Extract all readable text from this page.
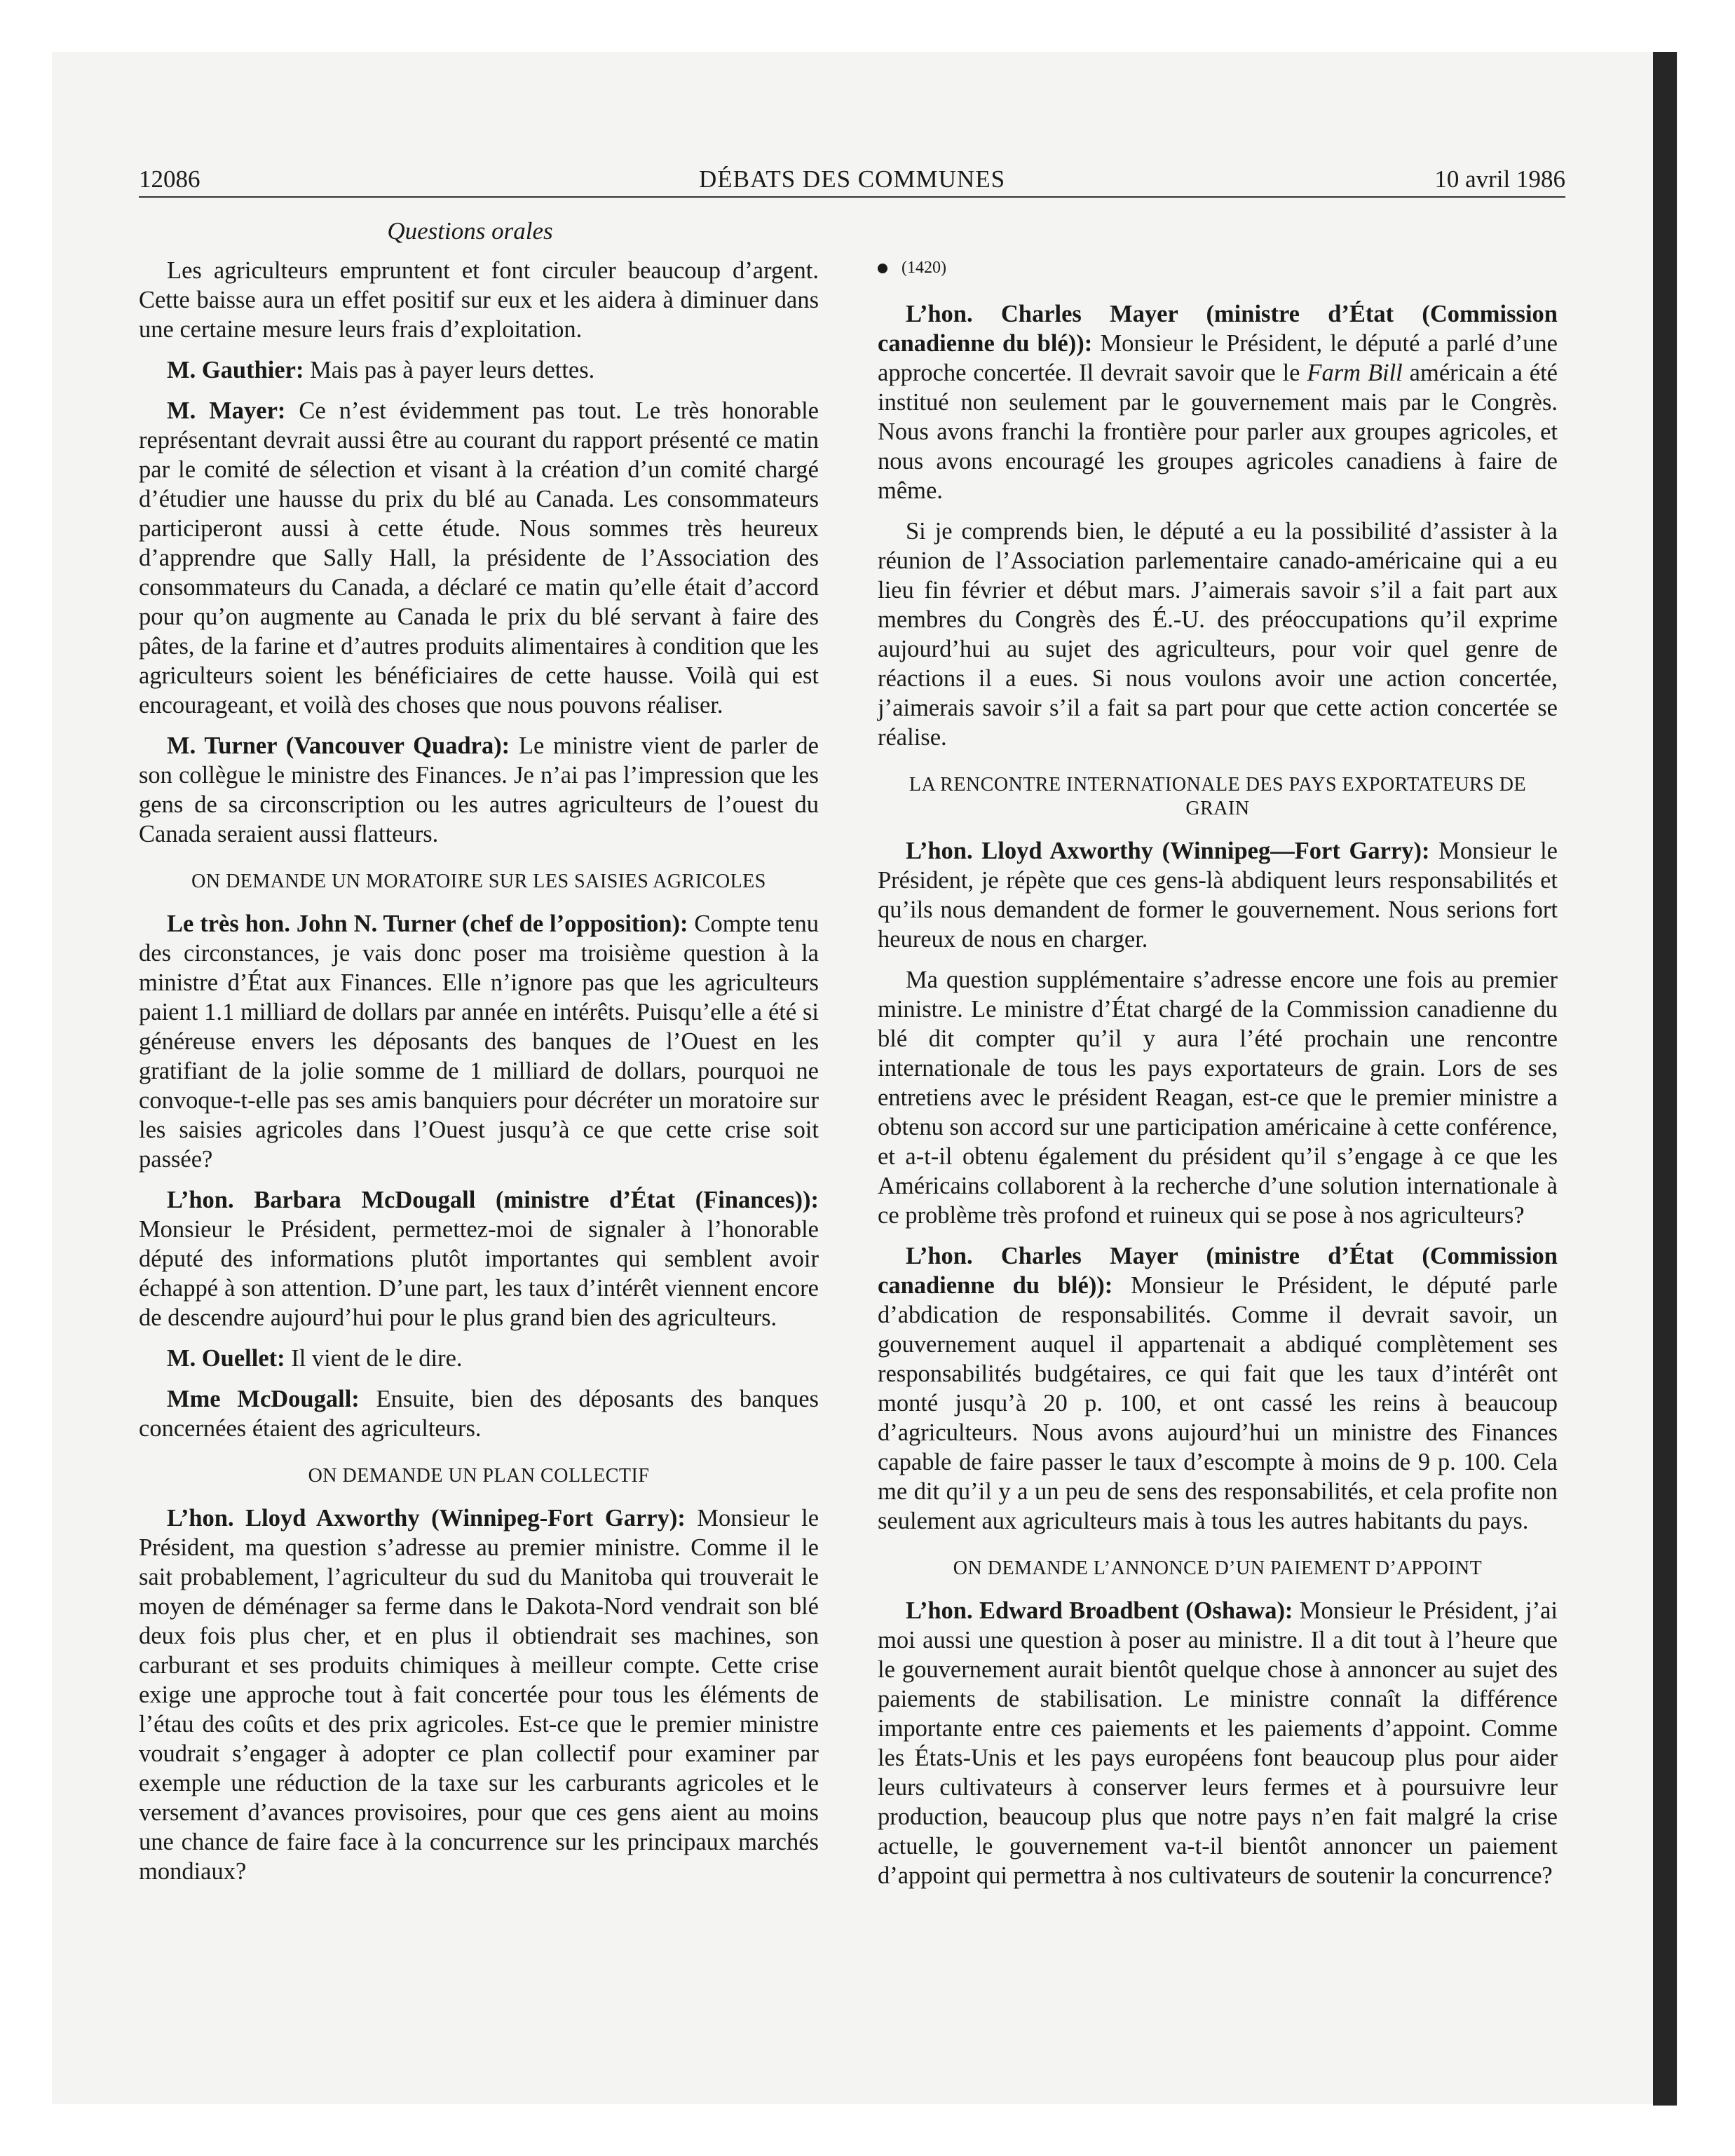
12086	DÉBATS DES COMMUNES	10 avril 1986
Questions orales

Les agriculteurs empruntent et font circuler beaucoup d’argent. Cette baisse aura un effet positif sur eux et les aidera à diminuer dans une certaine mesure leurs frais d’exploitation.

M. Gauthier: Mais pas à payer leurs dettes.

M. Mayer: Ce n’est évidemment pas tout. Le très honorable représentant devrait aussi être au courant du rapport présenté ce matin par le comité de sélection et visant à la création d’un comité chargé d’étudier une hausse du prix du blé au Canada. Les consommateurs participeront aussi à cette étude. Nous sommes très heureux d’apprendre que Sally Hall, la présidente de l’Association des consommateurs du Canada, a déclaré ce matin qu’elle était d’accord pour qu’on augmente au Canada le prix du blé servant à faire des pâtes, de la farine et d’autres produits alimentaires à condition que les agriculteurs soient les bénéficiaires de cette hausse. Voilà qui est encourageant, et voilà des choses que nous pouvons réaliser.

M. Turner (Vancouver Quadra): Le ministre vient de parler de son collègue le ministre des Finances. Je n’ai pas l’impression que les gens de sa circonscription ou les autres agriculteurs de l’ouest du Canada seraient aussi flatteurs.

ON DEMANDE UN MORATOIRE SUR LES SAISIES AGRICOLES

Le très hon. John N. Turner (chef de l’opposition): Compte tenu des circonstances, je vais donc poser ma troisième question à la ministre d’État aux Finances. Elle n’ignore pas que les agriculteurs paient 1.1 milliard de dollars par année en intérêts. Puisqu’elle a été si généreuse envers les déposants des banques de l’Ouest en les gratifiant de la jolie somme de 1 milliard de dollars, pourquoi ne convoque-t-elle pas ses amis banquiers pour décréter un moratoire sur les saisies agricoles dans l’Ouest jusqu’à ce que cette crise soit passée?

L’hon. Barbara McDougall (ministre d’État (Finances)): Monsieur le Président, permettez-moi de signaler à l’honorable député des informations plutôt importantes qui semblent avoir échappé à son attention. D’une part, les taux d’intérêt viennent encore de descendre aujourd’hui pour le plus grand bien des agriculteurs.

M. Ouellet: Il vient de le dire.

Mme McDougall: Ensuite, bien des déposants des banques concernées étaient des agriculteurs.

ON DEMANDE UN PLAN COLLECTIF

L’hon. Lloyd Axworthy (Winnipeg-Fort Garry): Monsieur le Président, ma question s’adresse au premier ministre. Comme il le sait probablement, l’agriculteur du sud du Manitoba qui trouverait le moyen de déménager sa ferme dans le Dakota-Nord vendrait son blé deux fois plus cher, et en plus il obtiendrait ses machines, son carburant et ses produits chimiques à meilleur compte. Cette crise exige une approche tout à fait concertée pour tous les éléments de l’étau des coûts et des prix agricoles. Est-ce que le premier ministre voudrait s’engager à adopter ce plan collectif pour examiner par exemple une réduction de la taxe sur les carburants agricoles et le versement d’avances provisoires, pour que ces gens aient au moins une chance de faire face à la concurrence sur les principaux marchés mondiaux?

(1420)

L’hon. Charles Mayer (ministre d’État (Commission canadienne du blé)): Monsieur le Président, le député a parlé d’une approche concertée. Il devrait savoir que le Farm Bill américain a été institué non seulement par le gouvernement mais par le Congrès. Nous avons franchi la frontière pour parler aux groupes agricoles, et nous avons encouragé les groupes agricoles canadiens à faire de même.

Si je comprends bien, le député a eu la possibilité d’assister à la réunion de l’Association parlementaire canado-américaine qui a eu lieu fin février et début mars. J’aimerais savoir s’il a fait part aux membres du Congrès des É.-U. des préoccupations qu’il exprime aujourd’hui au sujet des agriculteurs, pour voir quel genre de réactions il a eues. Si nous voulons avoir une action concertée, j’aimerais savoir s’il a fait sa part pour que cette action concertée se réalise.

LA RENCONTRE INTERNATIONALE DES PAYS EXPORTATEURS DE GRAIN

L’hon. Lloyd Axworthy (Winnipeg—Fort Garry): Monsieur le Président, je répète que ces gens-là abdiquent leurs responsabilités et qu’ils nous demandent de former le gouvernement. Nous serions fort heureux de nous en charger.

Ma question supplémentaire s’adresse encore une fois au premier ministre. Le ministre d’État chargé de la Commission canadienne du blé dit compter qu’il y aura l’été prochain une rencontre internationale de tous les pays exportateurs de grain. Lors de ses entretiens avec le président Reagan, est-ce que le premier ministre a obtenu son accord sur une participation américaine à cette conférence, et a-t-il obtenu également du président qu’il s’engage à ce que les Américains collaborent à la recherche d’une solution internationale à ce problème très profond et ruineux qui se pose à nos agriculteurs?

L’hon. Charles Mayer (ministre d’État (Commission canadienne du blé)): Monsieur le Président, le député parle d’abdication de responsabilités. Comme il devrait savoir, un gouvernement auquel il appartenait a abdiqué complètement ses responsabilités budgétaires, ce qui fait que les taux d’intérêt ont monté jusqu’à 20 p. 100, et ont cassé les reins à beaucoup d’agriculteurs. Nous avons aujourd’hui un ministre des Finances capable de faire passer le taux d’escompte à moins de 9 p. 100. Cela me dit qu’il y a un peu de sens des responsabilités, et cela profite non seulement aux agriculteurs mais à tous les autres habitants du pays.

ON DEMANDE L’ANNONCE D’UN PAIEMENT D’APPOINT

L’hon. Edward Broadbent (Oshawa): Monsieur le Président, j’ai moi aussi une question à poser au ministre. Il a dit tout à l’heure que le gouvernement aurait bientôt quelque chose à annoncer au sujet des paiements de stabilisation. Le ministre connaît la différence importante entre ces paiements et les paiements d’appoint. Comme les États-Unis et les pays européens font beaucoup plus pour aider leurs cultivateurs à conserver leurs fermes et à poursuivre leur production, beaucoup plus que notre pays n’en fait malgré la crise actuelle, le gouvernement va-t-il bientôt annoncer un paiement d’appoint qui permettra à nos cultivateurs de soutenir la concurrence?
